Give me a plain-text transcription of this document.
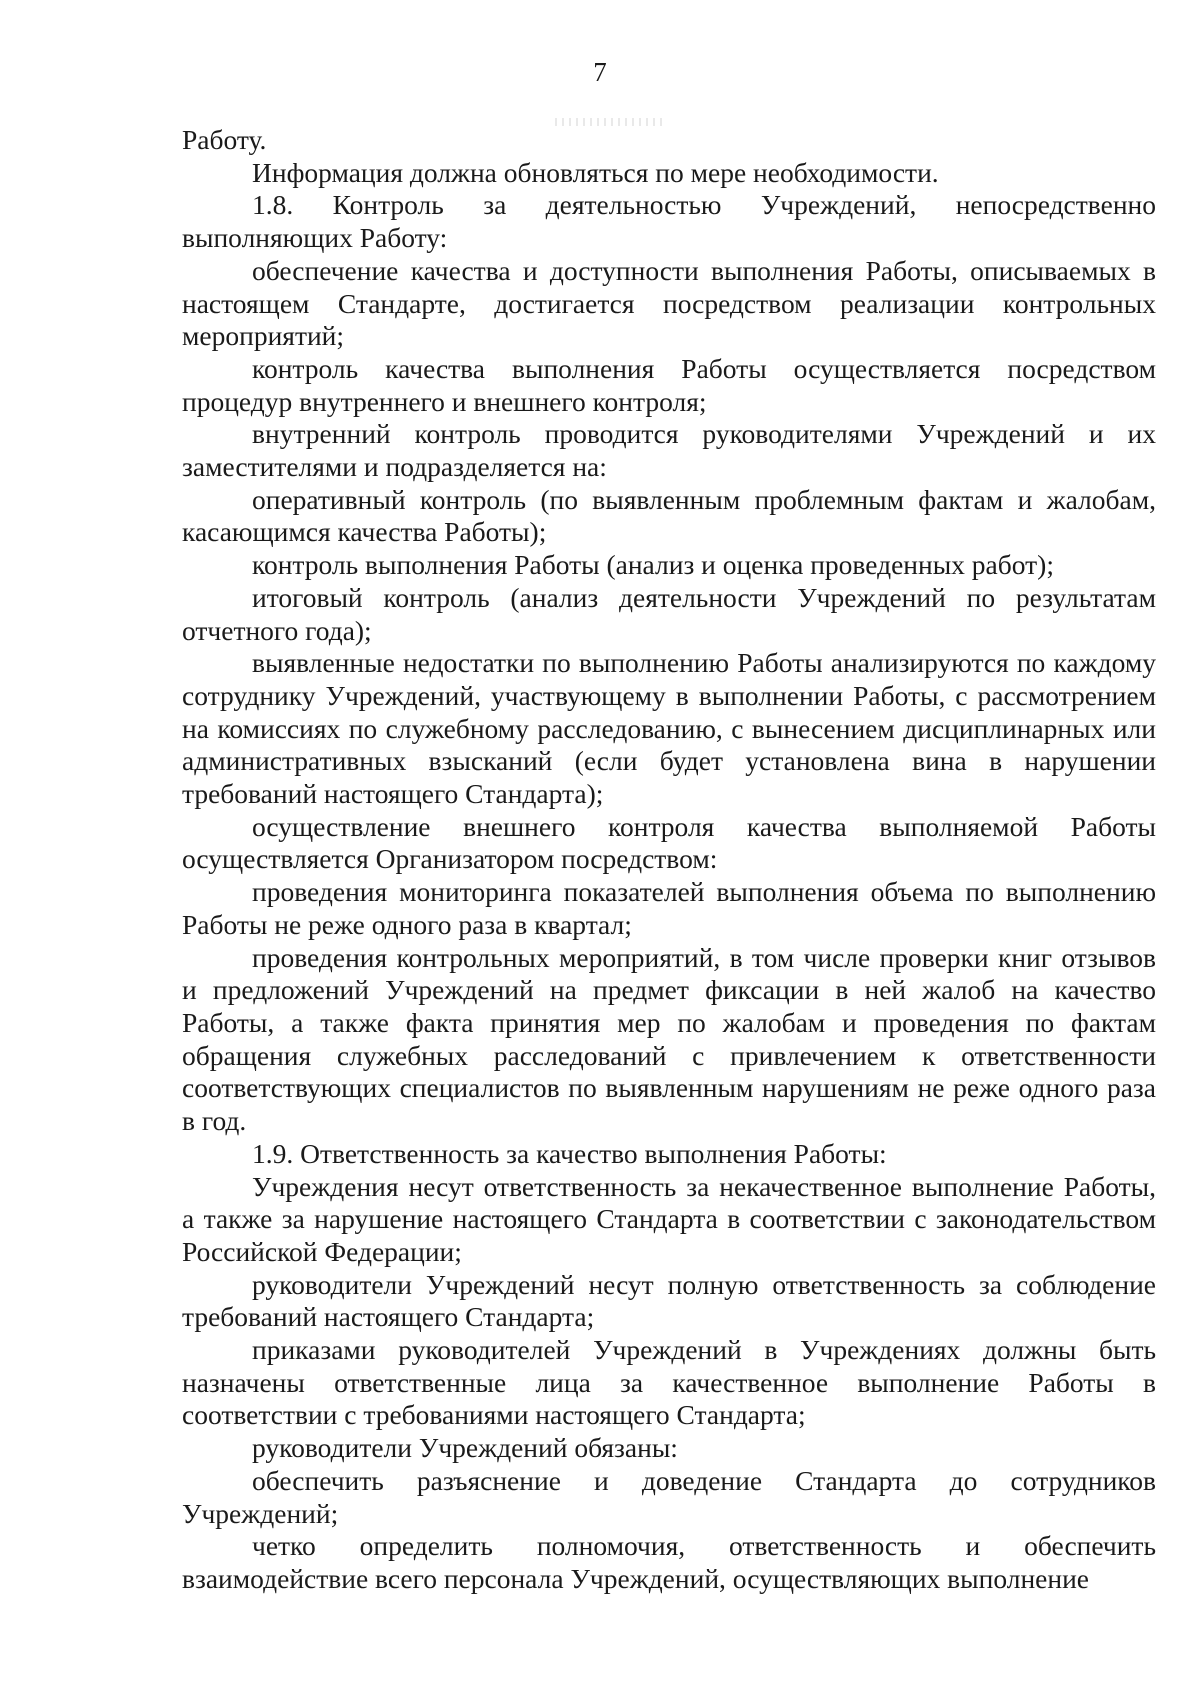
7

Работу.

Информация должна обновляться по мере необходимости.

1.8. Контроль за деятельностью Учреждений, непосредственно выполняющих Работу:

обеспечение качества и доступности выполнения Работы, описываемых в настоящем Стандарте, достигается посредством реализации контрольных мероприятий;

контроль качества выполнения Работы осуществляется посредством процедур внутреннего и внешнего контроля;

внутренний контроль проводится руководителями Учреждений и их заместителями и подразделяется на:

оперативный контроль (по выявленным проблемным фактам и жалобам, касающимся качества Работы);

контроль выполнения Работы (анализ и оценка проведенных работ);

итоговый контроль (анализ деятельности Учреждений по результатам отчетного года);

выявленные недостатки по выполнению Работы анализируются по каждому сотруднику Учреждений, участвующему в выполнении Работы, с рассмотрением на комиссиях по служебному расследованию, с вынесением дисциплинарных или административных взысканий (если будет установлена вина в нарушении требований настоящего Стандарта);

осуществление внешнего контроля качества выполняемой Работы осуществляется Организатором посредством:

проведения мониторинга показателей выполнения объема по выполнению Работы не реже одного раза в квартал;

проведения контрольных мероприятий, в том числе проверки книг отзывов и предложений Учреждений на предмет фиксации в ней жалоб на качество Работы, а также факта принятия мер по жалобам и проведения по фактам обращения служебных расследований с привлечением к ответственности соответствующих специалистов по выявленным нарушениям не реже одного раза в год.

1.9. Ответственность за качество выполнения Работы:

Учреждения несут ответственность за некачественное выполнение Работы, а также за нарушение настоящего Стандарта в соответствии с законодательством Российской Федерации;

руководители Учреждений несут полную ответственность за соблюдение требований настоящего Стандарта;

приказами руководителей Учреждений в Учреждениях должны быть назначены ответственные лица за качественное выполнение Работы в соответствии с требованиями настоящего Стандарта;

руководители Учреждений обязаны:

обеспечить разъяснение и доведение Стандарта до сотрудников Учреждений;

четко определить полномочия, ответственность и обеспечить взаимодействие всего персонала Учреждений, осуществляющих выполнение
